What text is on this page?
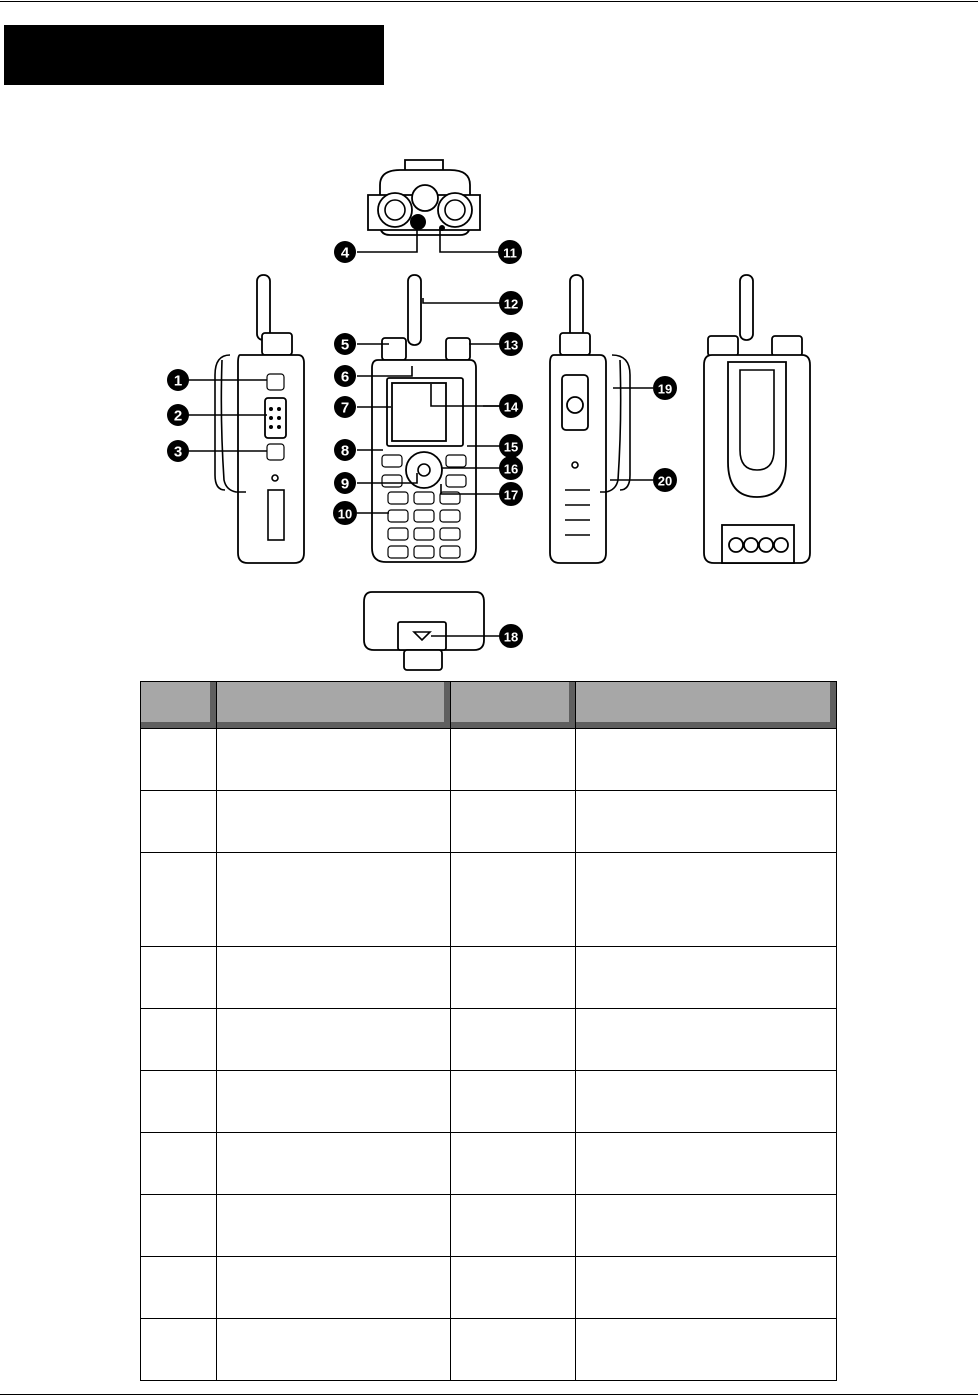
1
2
3
4
5
6
7
8
9
10
11
12
13
14
15
16
17
18
19
20
